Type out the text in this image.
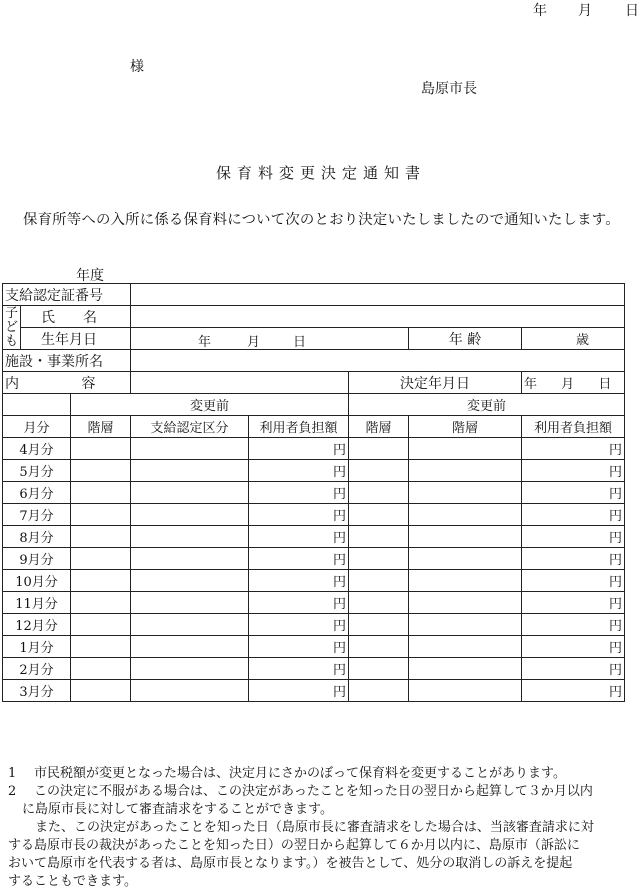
年 月 日
様
島原市長
保育料変更決定通知書
保育所等への入所に係る保育料について次のとおり決定いたしましたので通知いたします。
年度
支給認定証番号							

子
ど
も	氏　　名						
	生年月日		年 月 日			年 齢	歳
施設・事業所名							
内 容					決定年月日		年 月 日
		変更前			変更前		
月分		階層	支給認定区分	利用者負担額	階層	階層	利用者負担額
4月分				円			円
5月分				円			円
6月分				円			円
7月分				円			円
8月分				円			円
9月分				円			円
10月分				円			円
11月分				円			円
12月分				円			円
1月分				円			円
2月分				円			円
3月分				円			円
1 市民税額が変更となった場合は、決定月にさかのぼって保育料を変更することがあります。
2 この決定に不服がある場合は、この決定があったことを知った日の翌日から起算して３か月以内
に島原市長に対して審査請求をすることができます。
　また、この決定があったことを知った日（島原市長に審査請求をした場合は、当該審査請求に対
する島原市長の裁決があったことを知った日）の翌日から起算して６か月以内に、島原市（訴訟に
おいて島原市を代表する者は、島原市長となります。）を被告として、処分の取消しの訴えを提起
することもできます。
